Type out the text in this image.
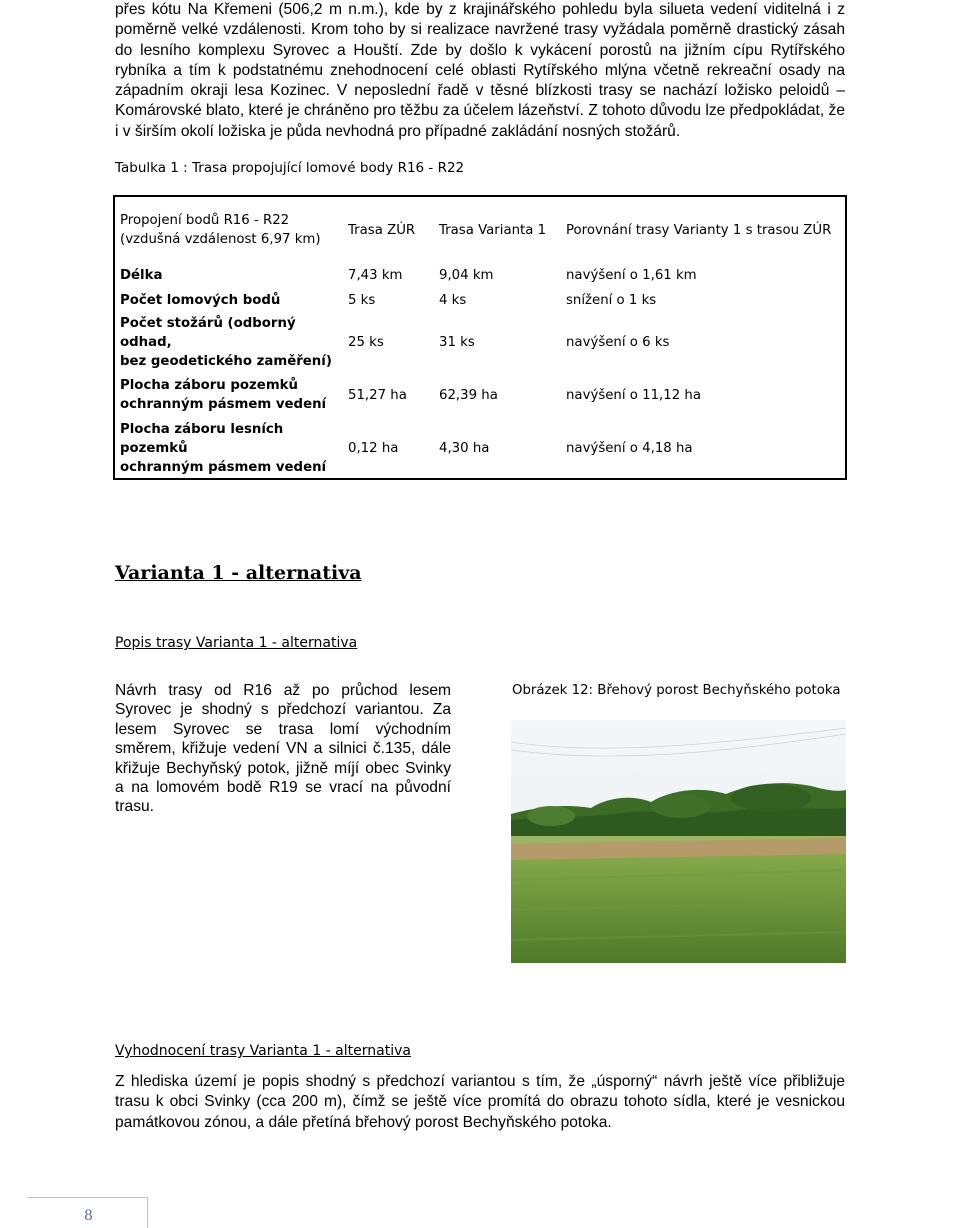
přes kótu Na Křemeni (506,2 m n.m.), kde by z krajinářského pohledu byla silueta vedení viditelná i z poměrně velké vzdálenosti. Krom toho by si realizace navržené trasy vyžádala poměrně drastický zásah do lesního komplexu Syrovec a Houští. Zde by došlo k vykácení porostů na jižním cípu Rytířského rybníka a tím k podstatnému znehodnocení celé oblasti Rytířského mlýna včetně rekreační osady na západním okraji lesa Kozinec. V neposlední řadě v těsné blízkosti trasy se nachází ložisko peloidů – Komárovské blato, které je chráněno pro těžbu za účelem lázeňství. Z tohoto důvodu lze předpokládat, že i v širším okolí ložiska je půda nevhodná pro případné zakládání nosných stožárů.
Tabulka 1 : Trasa propojující lomové body R16 - R22
Propojení bodů R16 - R22
(vzdušná vzdálenost 6,97 km)	Trasa ZÚR	Trasa Varianta 1	Porovnání trasy Varianty 1 s trasou ZÚR
Délka	7,43 km	9,04 km	navýšení o 1,61 km
Počet lomových bodů	5 ks	4 ks	snížení o 1 ks

Počet stožárů (odborný odhad,
bez geodetického zaměření)	25 ks	31 ks	navýšení o 6 ks

Plocha záboru pozemků
ochranným pásmem vedení	51,27 ha	62,39 ha	navýšení o 11,12 ha

Plocha záboru lesních pozemků
ochranným pásmem vedení	0,12 ha	4,30 ha	navýšení o 4,18 ha
Varianta 1 - alternativa
Popis trasy Varianta 1 - alternativa
Návrh trasy od R16 až po průchod lesem Syrovec je shodný s předchozí variantou. Za lesem Syrovec se trasa lomí východním směrem, křižuje vedení VN a silnici č.135, dále křižuje Bechyňský potok, jižně míjí obec Svinky a na lomovém bodě R19 se vrací na původní trasu.
Obrázek 12: Břehový porost Bechyňského potoka
Vyhodnocení trasy Varianta 1 - alternativa
Z hlediska území je popis shodný s předchozí variantou s tím, že „úsporný“ návrh ještě více přibližuje trasu k obci Svinky (cca 200 m), čímž se ještě více promítá do obrazu tohoto sídla, které je vesnickou památkovou zónou, a dále přetíná břehový porost Bechyňského potoka.
8
